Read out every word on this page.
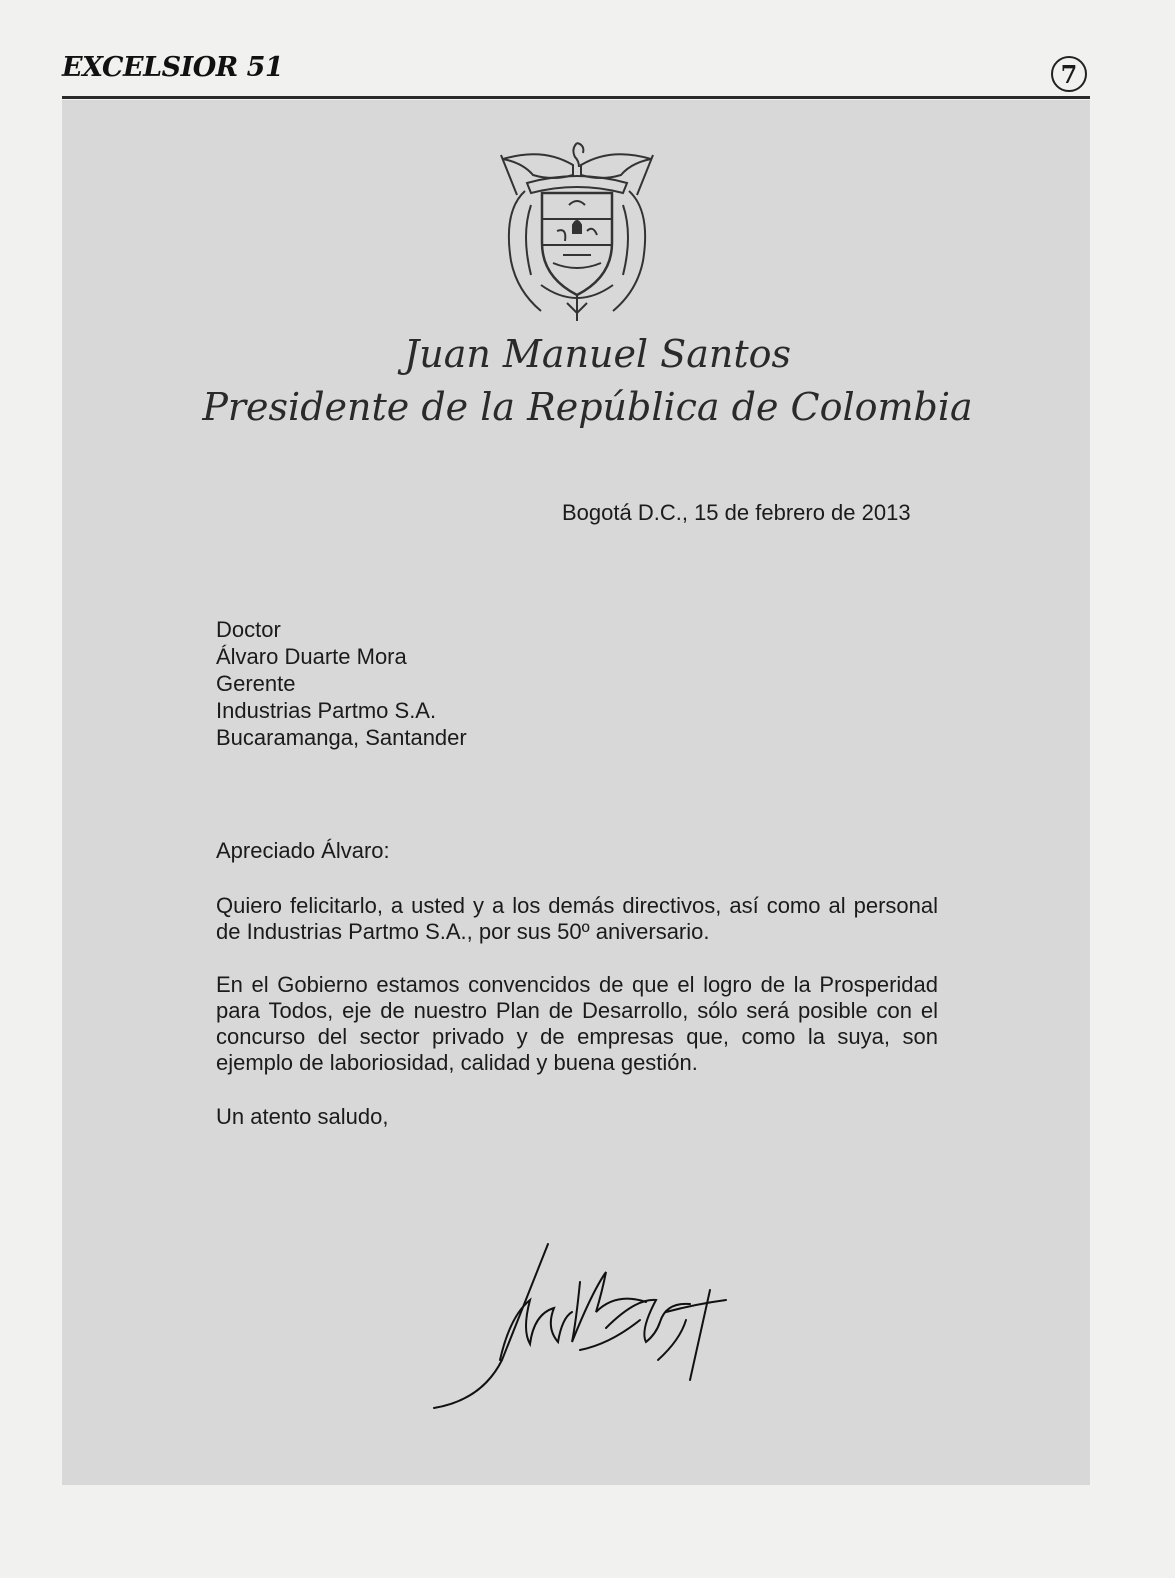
EXCELSIOR 51	7
Juan Manuel Santos
Presidente de la República de Colombia
Bogotá D.C., 15 de febrero de 2013
Doctor
Álvaro Duarte Mora
Gerente
Industrias Partmo S.A.
Bucaramanga, Santander
Apreciado Álvaro:
Quiero felicitarlo, a usted y a los demás directivos, así como al personal de Industrias Partmo S.A., por sus 50º aniversario.
En el Gobierno estamos convencidos de que el logro de la Prosperidad para Todos, eje de nuestro Plan de Desarrollo, sólo será posible con el concurso del sector privado y de empresas que, como la suya, son ejemplo de laboriosidad, calidad y buena gestión.
Un atento saludo,
